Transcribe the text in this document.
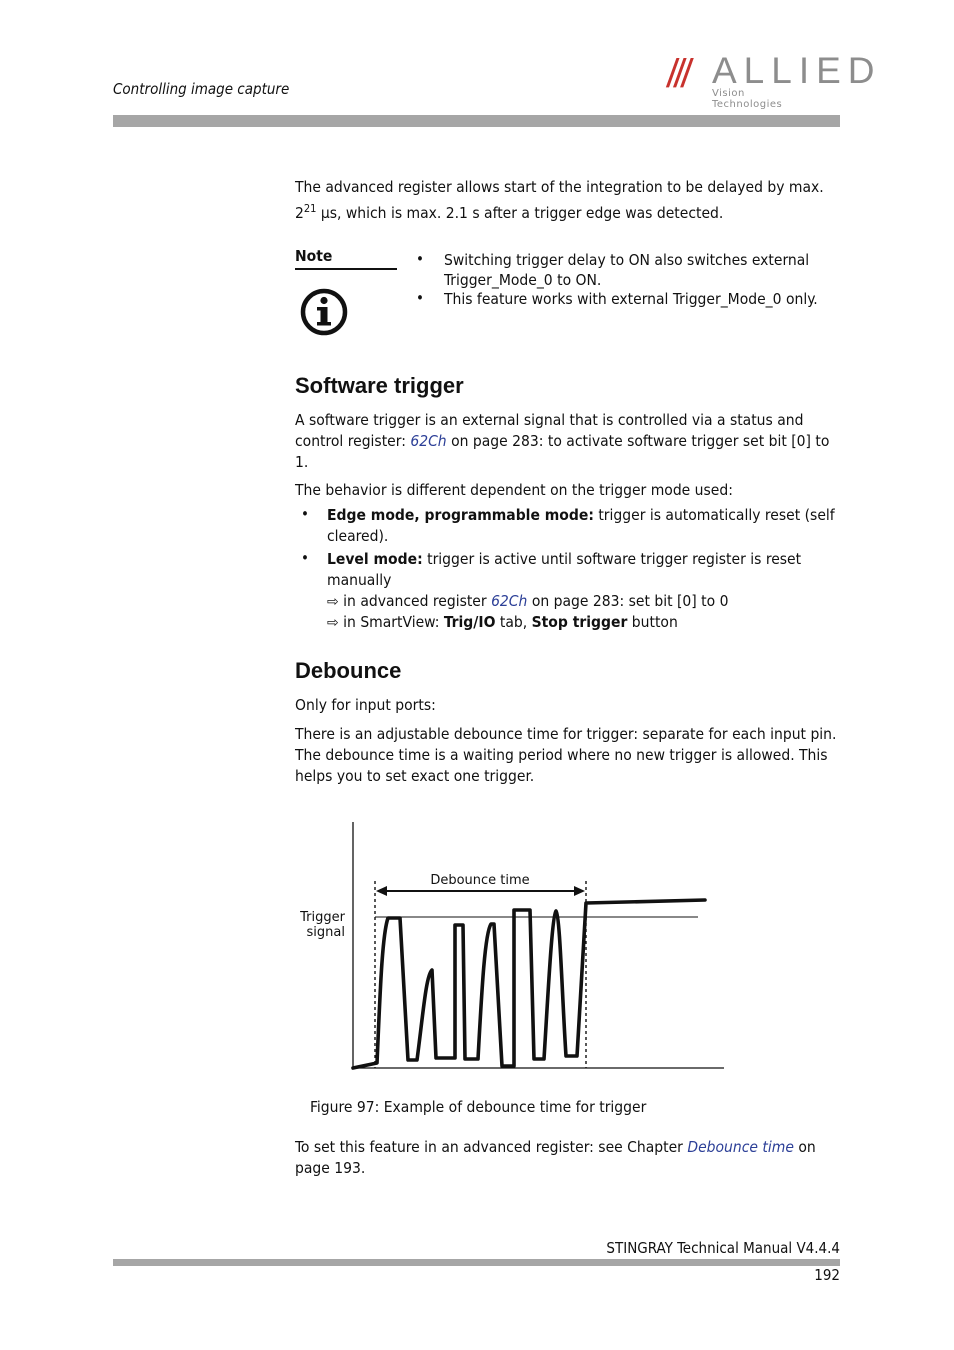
Controlling image capture	/// ALLIED
Vision Technologies
The advanced register allows start of the integration to be delayed by max.
$2^{21}$ µs, which is max. 2.1 s after a trigger edge was detected.
Note	• Switching trigger delay to ON also switches external Trigger_Mode_0 to ON.
• This feature works with external Trigger_Mode_0 only.
Software trigger
A software trigger is an external signal that is controlled via a status and control register: 62Ch on page 283: to activate software trigger set bit [0] to 1.
The behavior is different dependent on the trigger mode used:
• Edge mode, programmable mode: trigger is automatically reset (self cleared).
• Level mode: trigger is active until software trigger register is reset manually
⇨ in advanced register 62Ch on page 283: set bit [0] to 0
⇨ in SmartView: Trig/IO tab, Stop trigger button
Debounce
Only for input ports:
There is an adjustable debounce time for trigger: separate for each input pin. The debounce time is a waiting period where no new trigger is allowed. This helps you to set exact one trigger.
Debounce time
Trigger
signal
Figure 97: Example of debounce time for trigger
To set this feature in an advanced register: see Chapter Debounce time on page 193.
STINGRAY Technical Manual V4.4.4
192
